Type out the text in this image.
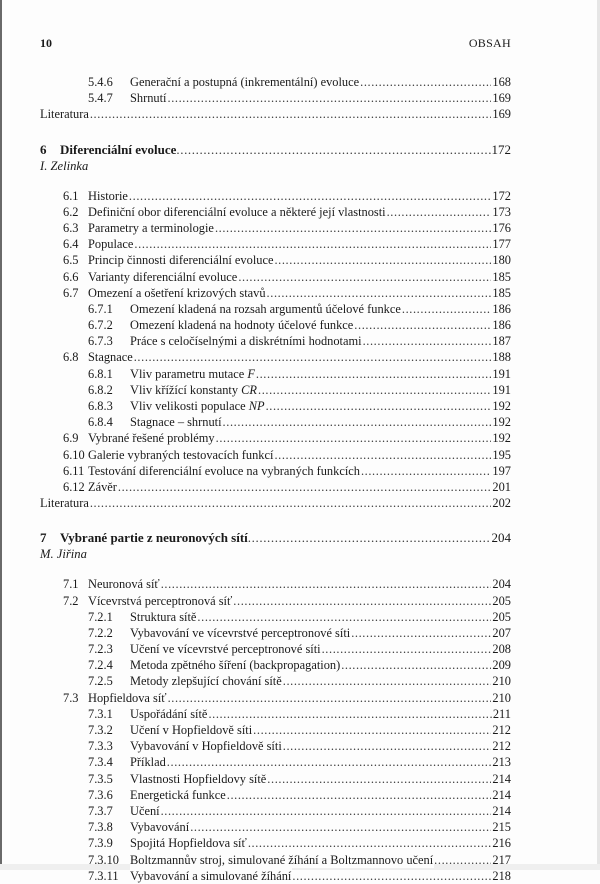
10	OBSAH
5.4.6 Generační a postupná (inkrementální) evoluce .....	168
5.4.7 Shrnutí .....	169
Literatura .....	169
6 Diferenciální evoluce .....	172
I. Zelinka
6.1 Historie .....	172
6.2 Definiční obor diferenciální evoluce a některé její vlastnosti .....	173
6.3 Parametry a terminologie .....	176
6.4 Populace .....	177
6.5 Princip činnosti diferenciální evoluce .....	180
6.6 Varianty diferenciální evoluce .....	185
6.7 Omezení a ošetření krizových stavů .....	185
6.7.1 Omezení kladená na rozsah argumentů účelové funkce .....	186
6.7.2 Omezení kladená na hodnoty účelové funkce .....	186
6.7.3 Práce s celočíselnými a diskrétními hodnotami .....	187
6.8 Stagnace .....	188
6.8.1 Vliv parametru mutace F .....	191
6.8.2 Vliv křížící konstanty CR .....	191
6.8.3 Vliv velikosti populace NP .....	192
6.8.4 Stagnace – shrnutí .....	192
6.9 Vybrané řešené problémy .....	192
6.10 Galerie vybraných testovacích funkcí .....	195
6.11 Testování diferenciální evoluce na vybraných funkcích .....	197
6.12 Závěr .....	201
Literatura .....	202
7 Vybrané partie z neuronových sítí .....	204
M. Jiřina
7.1 Neuronová síť .....	204
7.2 Vícevrstvá perceptronová síť .....	205
7.2.1 Struktura sítě .....	205
7.2.2 Vybavování ve vícevrstvé perceptronové síti .....	207
7.2.3 Učení ve vícevrstvé perceptronové síti .....	208
7.2.4 Metoda zpětného šíření (backpropagation) .....	209
7.2.5 Metody zlepšující chování sítě .....	210
7.3 Hopfieldova síť .....	210
7.3.1 Uspořádání sítě .....	211
7.3.2 Učení v Hopfieldově síti .....	212
7.3.3 Vybavování v Hopfieldově síti .....	212
7.3.4 Příklad .....	213
7.3.5 Vlastnosti Hopfieldovy sítě .....	214
7.3.6 Energetická funkce .....	214
7.3.7 Učení .....	214
7.3.8 Vybavování .....	215
7.3.9 Spojitá Hopfieldova síť .....	216
7.3.10 Boltzmannův stroj, simulované žíhání a Boltzmannovo učení .....	217
7.3.11 Vybavování a simulované žíhání .....	218
